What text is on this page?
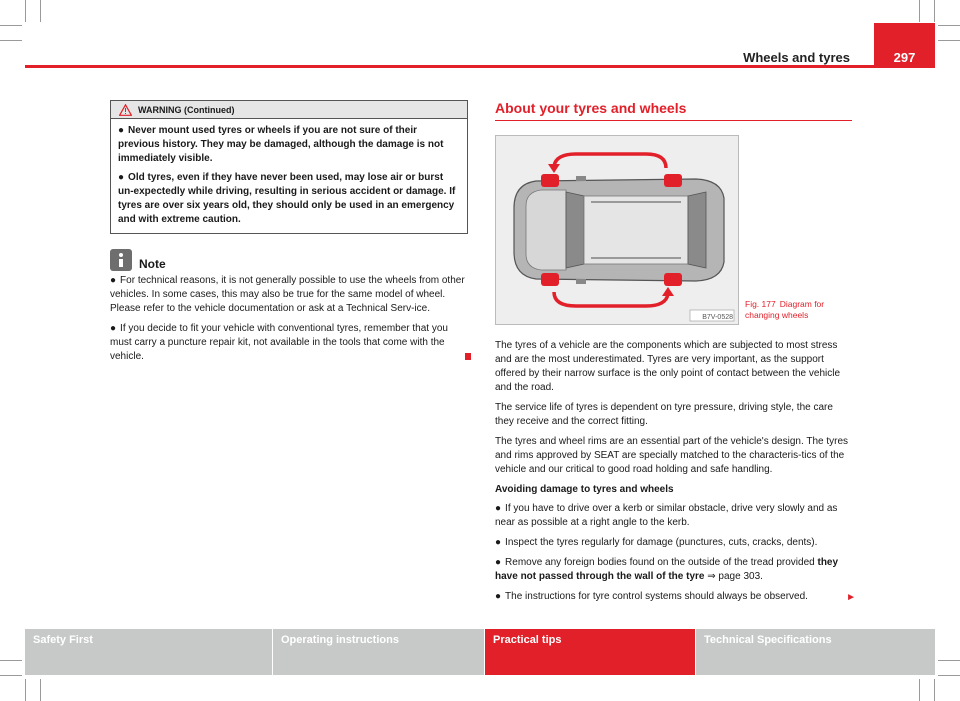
Wheels and tyres	297
WARNING (Continued)

● Never mount used tyres or wheels if you are not sure of their previous history. They may be damaged, although the damage is not immediately visible.

● Old tyres, even if they have never been used, may lose air or burst un-expectedly while driving, resulting in serious accident or damage. If tyres are over six years old, they should only be used in an emergency and with extreme caution.

Note

● For technical reasons, it is not generally possible to use the wheels from other vehicles. In some cases, this may also be true for the same model of wheel. Please refer to the vehicle documentation or ask at a Technical Serv-ice.

● If you decide to fit your vehicle with conventional tyres, remember that you must carry a puncture repair kit, not available in the tools that come with the vehicle.

About your tyres and wheels
B7V-0528
Fig. 177 Diagram for changing wheels

The tyres of a vehicle are the components which are subjected to most stress and are the most underestimated. Tyres are very important, as the support offered by their narrow surface is the only point of contact between the vehicle and the road.

The service life of tyres is dependent on tyre pressure, driving style, the care they receive and the correct fitting.

The tyres and wheel rims are an essential part of the vehicle's design. The tyres and rims approved by SEAT are specially matched to the characteris-tics of the vehicle and our critical to good road holding and safe handling.

Avoiding damage to tyres and wheels

● If you have to drive over a kerb or similar obstacle, drive very slowly and as near as possible at a right angle to the kerb.

● Inspect the tyres regularly for damage (punctures, cuts, cracks, dents).

● Remove any foreign bodies found on the outside of the tread provided they have not passed through the wall of the tyre ⇒ page 303.

● The instructions for tyre control systems should always be observed.	►

Safety First	Operating instructions	Practical tips	Technical Specifications
